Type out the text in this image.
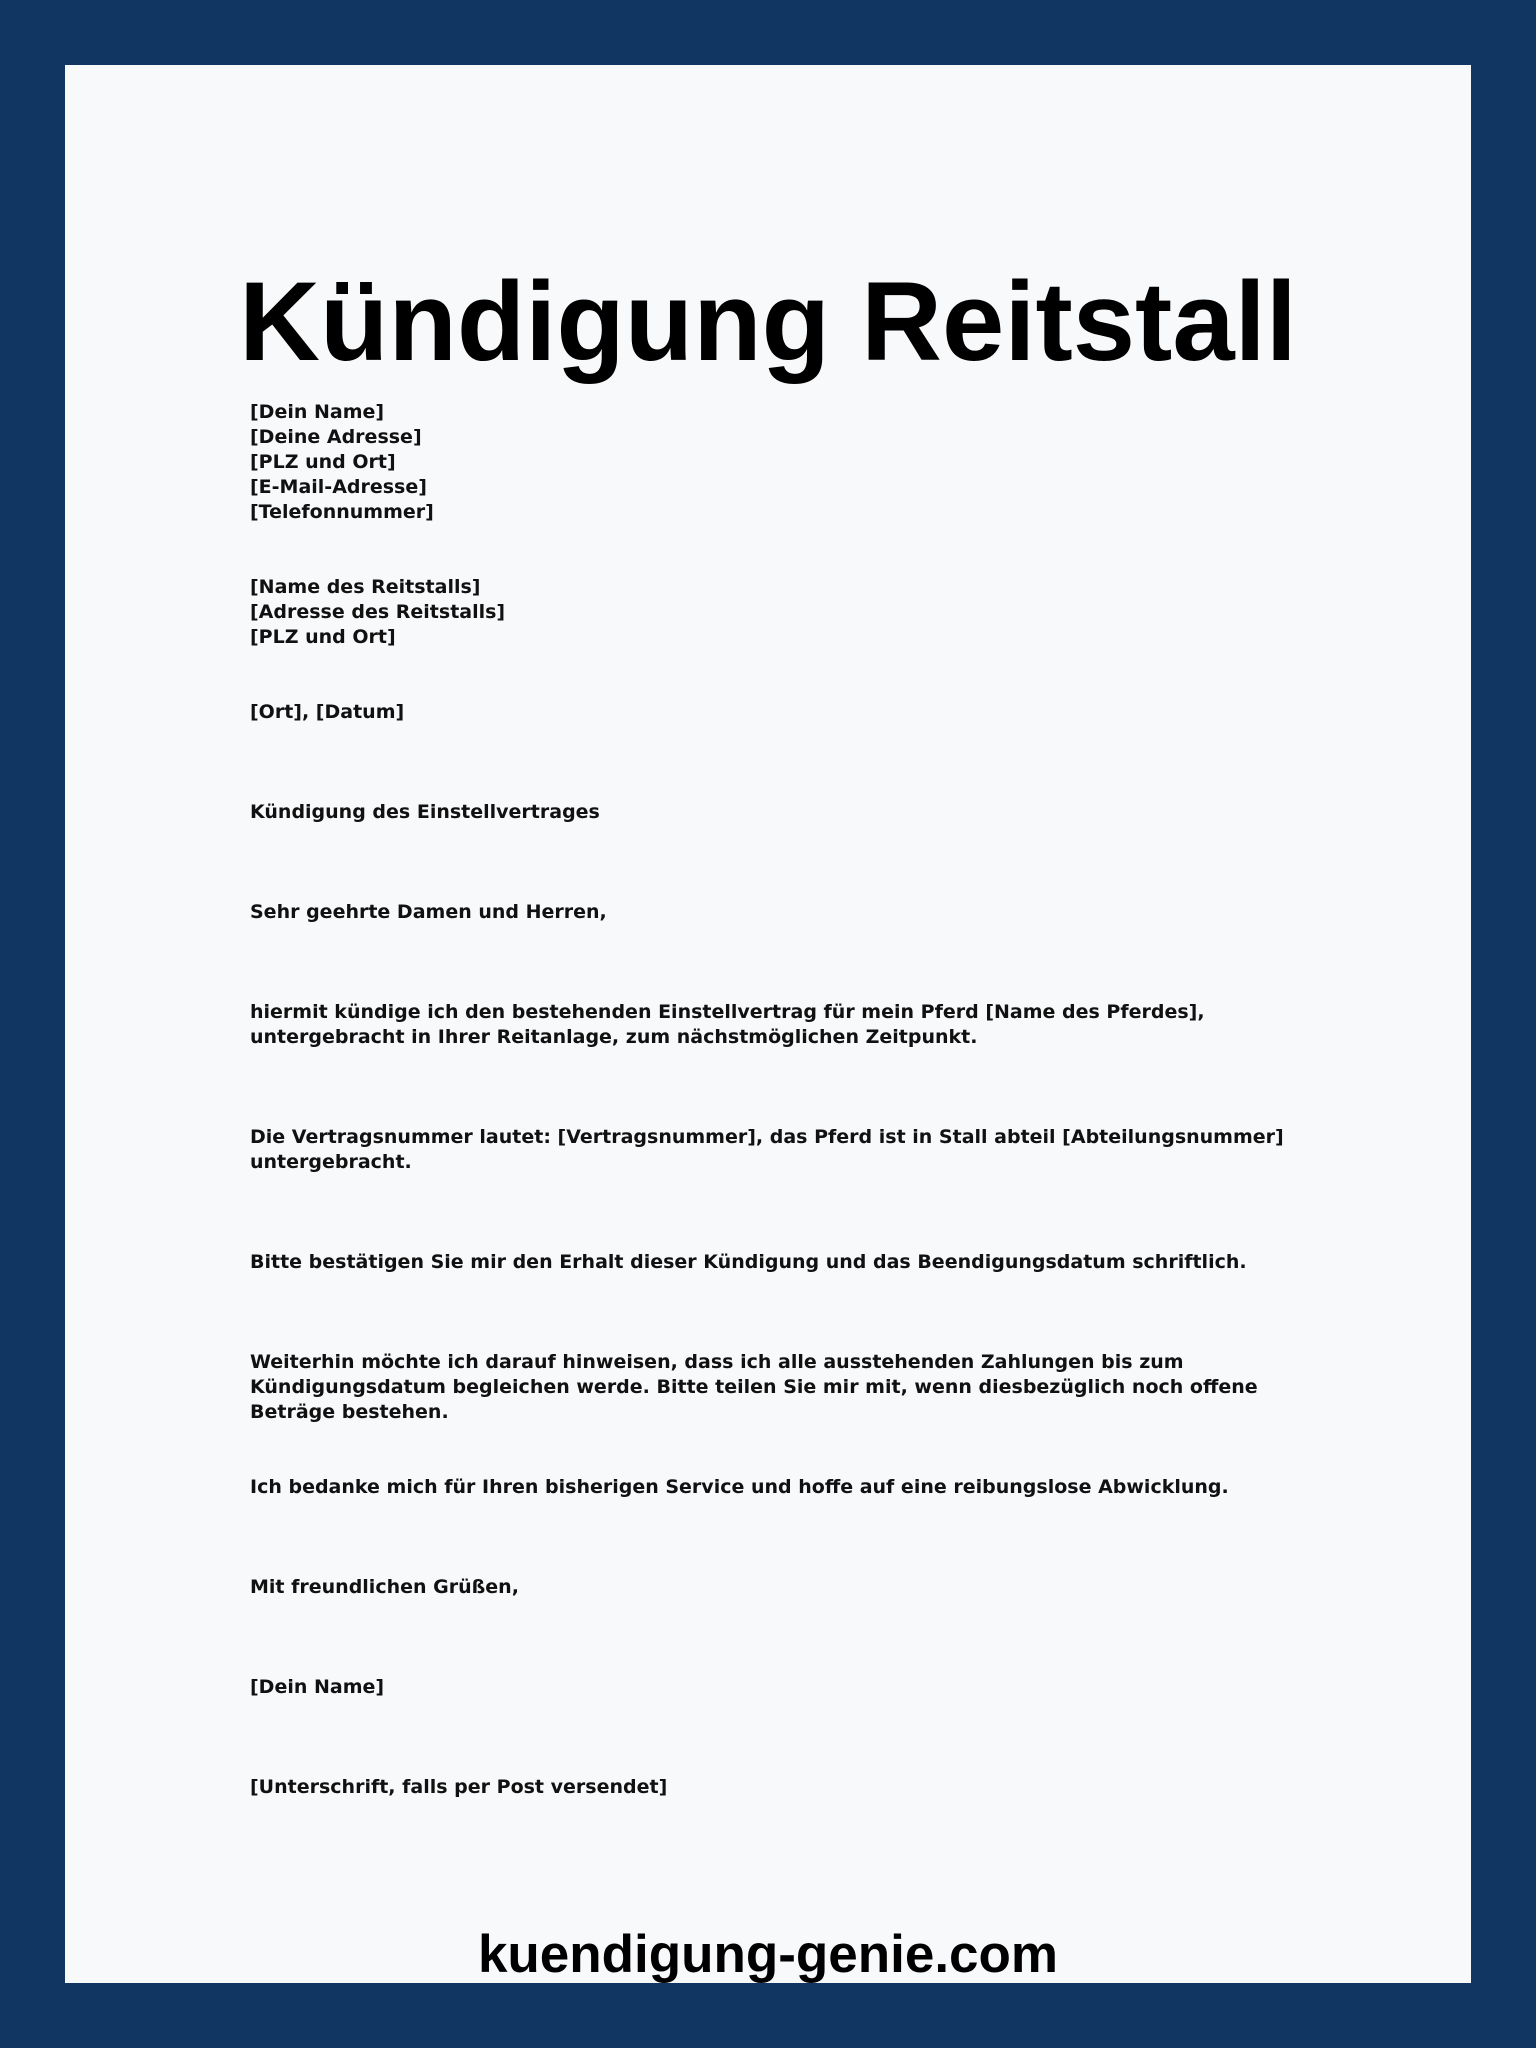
Kündigung Reitstall
[Dein Name]
[Deine Adresse]
[PLZ und Ort]
[E-Mail-Adresse]
[Telefonnummer]
[Name des Reitstalls]
[Adresse des Reitstalls]
[PLZ und Ort]
[Ort], [Datum]
Kündigung des Einstellvertrages
Sehr geehrte Damen und Herren,
hiermit kündige ich den bestehenden Einstellvertrag für mein Pferd [Name des Pferdes], untergebracht in Ihrer Reitanlage, zum nächstmöglichen Zeitpunkt.
Die Vertragsnummer lautet: [Vertragsnummer], das Pferd ist in Stall abteil [Abteilungsnummer] untergebracht.
Bitte bestätigen Sie mir den Erhalt dieser Kündigung und das Beendigungsdatum schriftlich.
Weiterhin möchte ich darauf hinweisen, dass ich alle ausstehenden Zahlungen bis zum Kündigungsdatum begleichen werde. Bitte teilen Sie mir mit, wenn diesbezüglich noch offene Beträge bestehen.
Ich bedanke mich für Ihren bisherigen Service und hoffe auf eine reibungslose Abwicklung.
Mit freundlichen Grüßen,
[Dein Name]
[Unterschrift, falls per Post versendet]
kuendigung-genie.com
